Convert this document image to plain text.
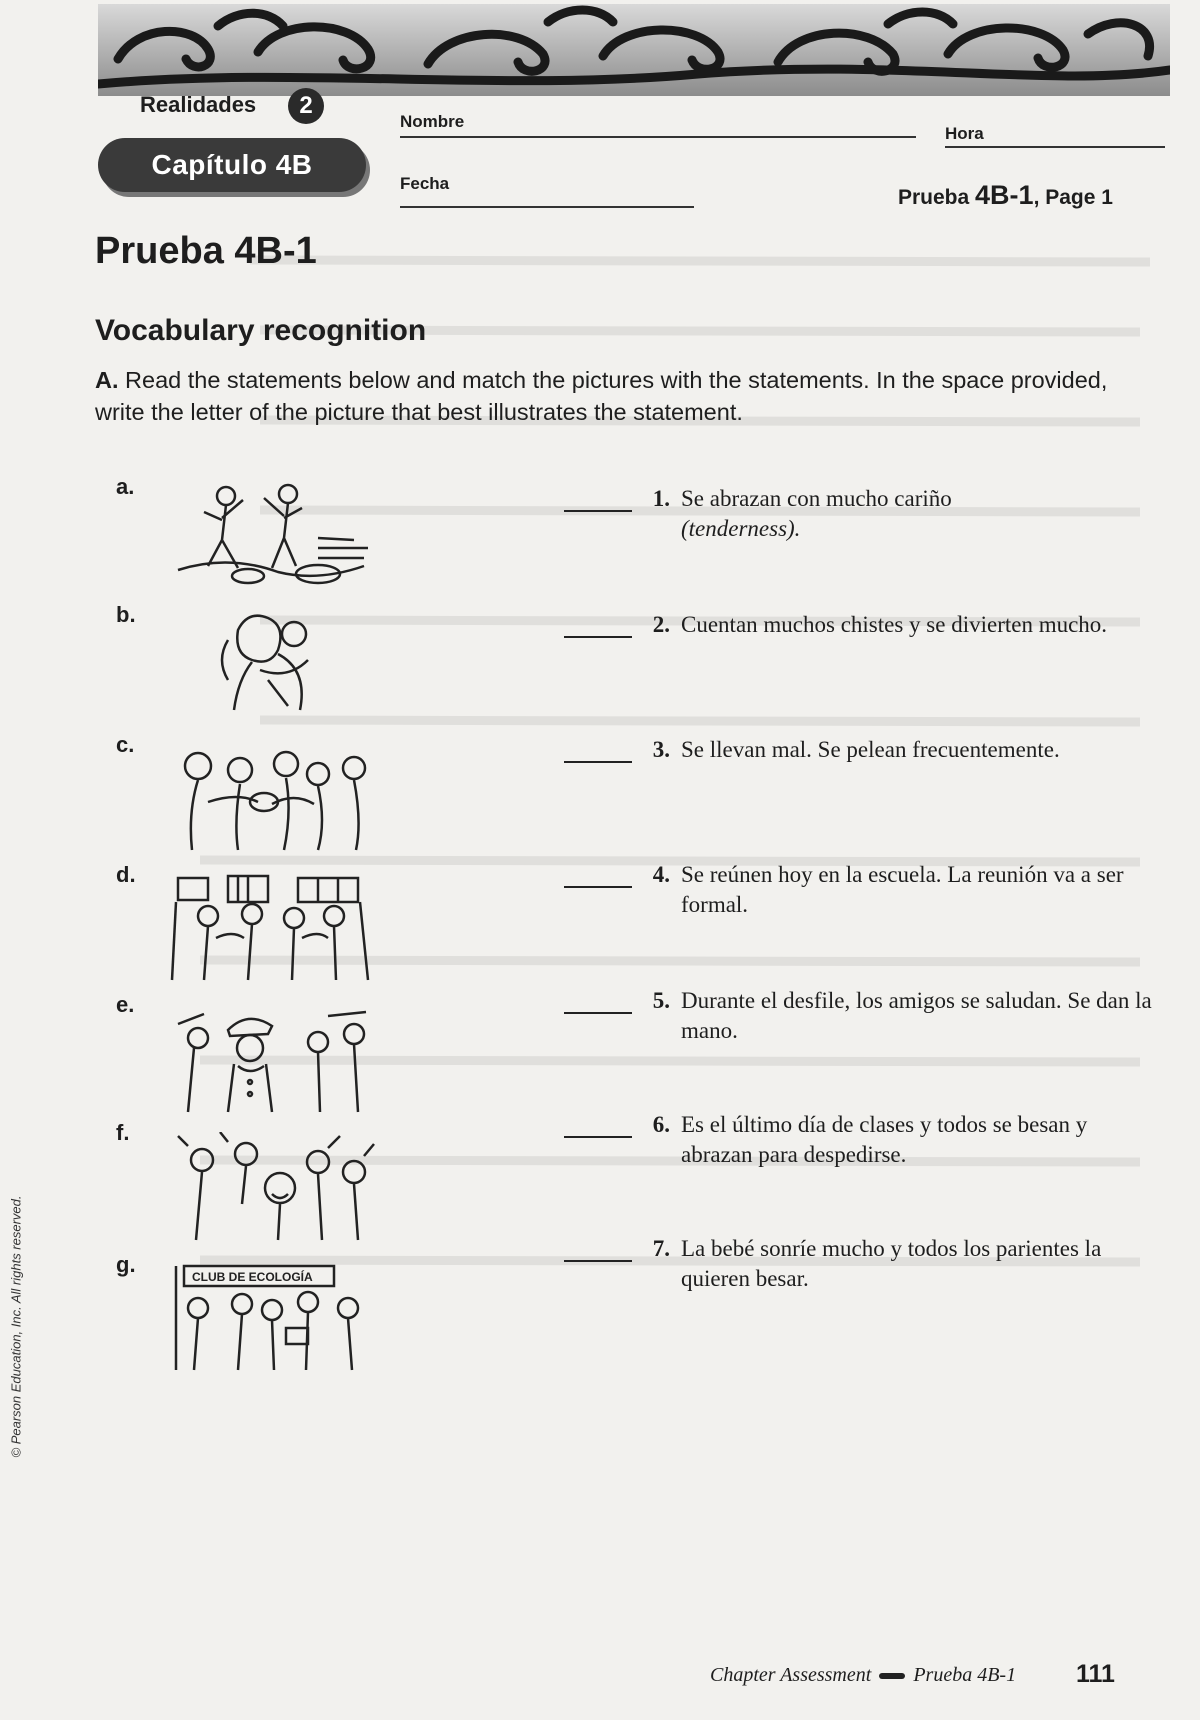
Realidades	2
Capítulo 4B
Nombre
Hora
Fecha
Prueba 4B-1, Page 1
Prueba 4B-1
Vocabulary recognition
A. Read the statements below and match the pictures with the statements. In the space provided, write the letter of the picture that best illustrates the statement.
a.
b.
c.
d.
e.
f.
g.	CLUB DE ECOLOGÍA
1. Se abrazan con mucho cariño
(tenderness).
2. Cuentan muchos chistes y se divierten mucho.
3. Se llevan mal. Se pelean frecuentemente.
4. Se reúnen hoy en la escuela. La reunión va a ser formal.
5. Durante el desfile, los amigos se saludan. Se dan la mano.
6. Es el último día de clases y todos se besan y abrazan para despedirse.
7. La bebé sonríe mucho y todos los parientes la quieren besar.
© Pearson Education, Inc. All rights reserved.
Chapter Assessment Prueba 4B-1 111
